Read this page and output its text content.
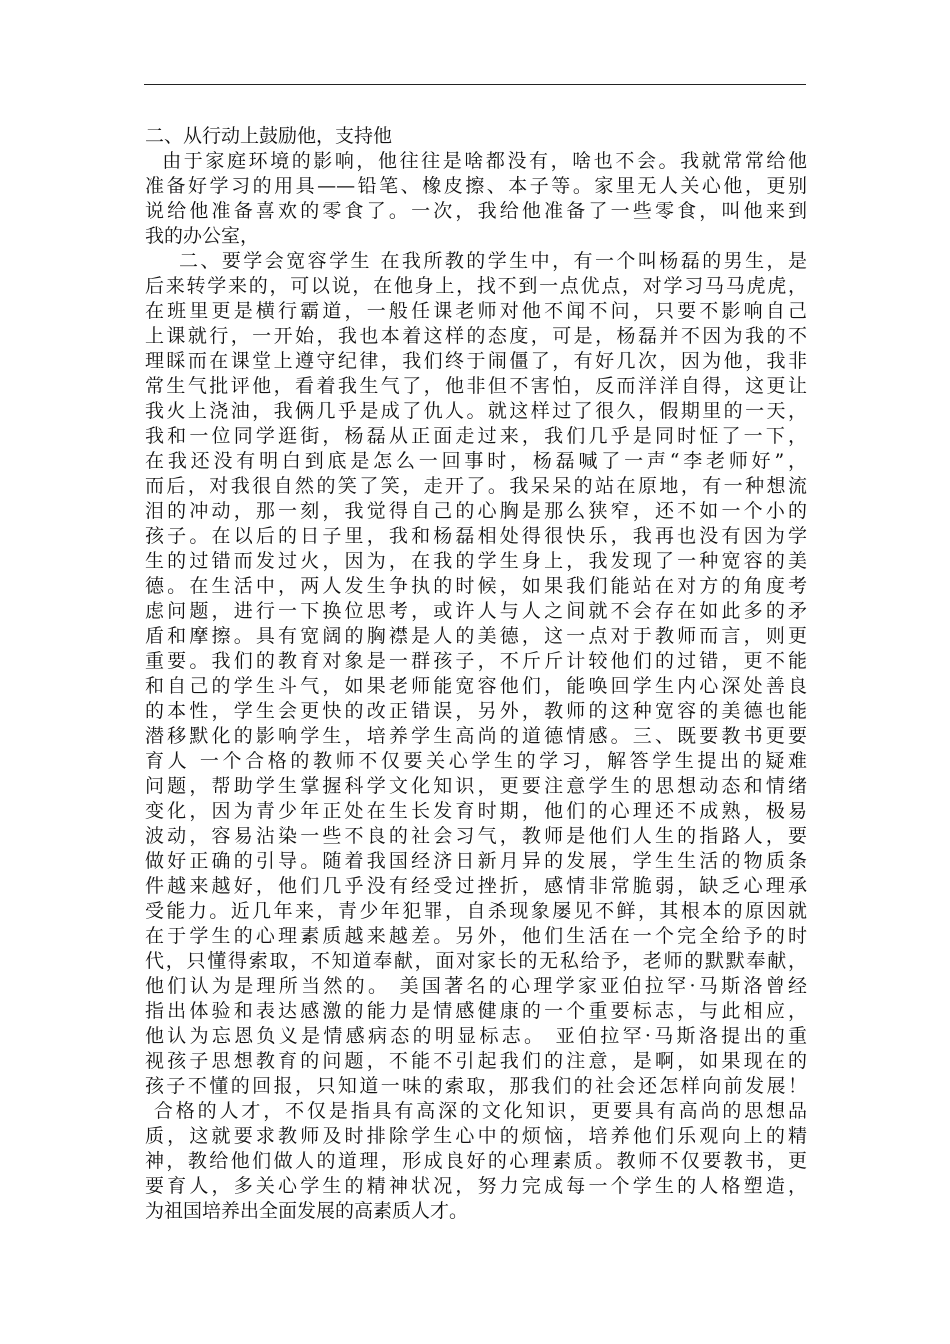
二、从行动上鼓励他，支持他
由于家庭环境的影响，他往往是啥都没有，啥也不会。我就常常给他
准备好学习的用具——铅笔、橡皮擦、本子等。家里无人关心他，更别
说给他准备喜欢的零食了。一次，我给他准备了一些零食，叫他来到
我的办公室，
二、要学会宽容学生 在我所教的学生中，有一个叫杨磊的男生，是
后来转学来的，可以说，在他身上，找不到一点优点，对学习马马虎虎，
在班里更是横行霸道，一般任课老师对他不闻不问，只要不影响自己
上课就行，一开始，我也本着这样的态度，可是，杨磊并不因为我的不
理睬而在课堂上遵守纪律，我们终于闹僵了，有好几次，因为他，我非
常生气批评他，看着我生气了，他非但不害怕，反而洋洋自得，这更让
我火上浇油，我俩几乎是成了仇人。就这样过了很久，假期里的一天，
我和一位同学逛街，杨磊从正面走过来，我们几乎是同时怔了一下，
在我还没有明白到底是怎么一回事时，杨磊喊了一声“李老师好”，
而后，对我很自然的笑了笑，走开了。我呆呆的站在原地，有一种想流
泪的冲动，那一刻，我觉得自己的心胸是那么狭窄，还不如一个小的
孩子。在以后的日子里，我和杨磊相处得很快乐，我再也没有因为学
生的过错而发过火，因为，在我的学生身上，我发现了一种宽容的美
德。在生活中，两人发生争执的时候，如果我们能站在对方的角度考
虑问题，进行一下换位思考，或许人与人之间就不会存在如此多的矛
盾和摩擦。具有宽阔的胸襟是人的美德，这一点对于教师而言，则更
重要。我们的教育对象是一群孩子，不斤斤计较他们的过错，更不能
和自己的学生斗气，如果老师能宽容他们，能唤回学生内心深处善良
的本性，学生会更快的改正错误，另外，教师的这种宽容的美德也能
潜移默化的影响学生，培养学生高尚的道德情感。三、既要教书更要
育人 一个合格的教师不仅要关心学生的学习，解答学生提出的疑难
问题，帮助学生掌握科学文化知识，更要注意学生的思想动态和情绪
变化，因为青少年正处在生长发育时期，他们的心理还不成熟，极易
波动，容易沾染一些不良的社会习气，教师是他们人生的指路人，要
做好正确的引导。随着我国经济日新月异的发展，学生生活的物质条
件越来越好，他们几乎没有经受过挫折，感情非常脆弱，缺乏心理承
受能力。近几年来，青少年犯罪，自杀现象屡见不鲜，其根本的原因就
在于学生的心理素质越来越差。另外，他们生活在一个完全给予的时
代，只懂得索取，不知道奉献，面对家长的无私给予，老师的默默奉献，
他们认为是理所当然的。 美国著名的心理学家亚伯拉罕·马斯洛曾经
指出体验和表达感激的能力是情感健康的一个重要标志，与此相应，
他认为忘恩负义是情感病态的明显标志。 亚伯拉罕·马斯洛提出的重
视孩子思想教育的问题，不能不引起我们的注意，是啊，如果现在的
孩子不懂的回报，只知道一味的索取，那我们的社会还怎样向前发展！
合格的人才，不仅是指具有高深的文化知识，更要具有高尚的思想品
质，这就要求教师及时排除学生心中的烦恼，培养他们乐观向上的精
神，教给他们做人的道理，形成良好的心理素质。教师不仅要教书，更
要育人，多关心学生的精神状况，努力完成每一个学生的人格塑造，
为祖国培养出全面发展的高素质人才。
